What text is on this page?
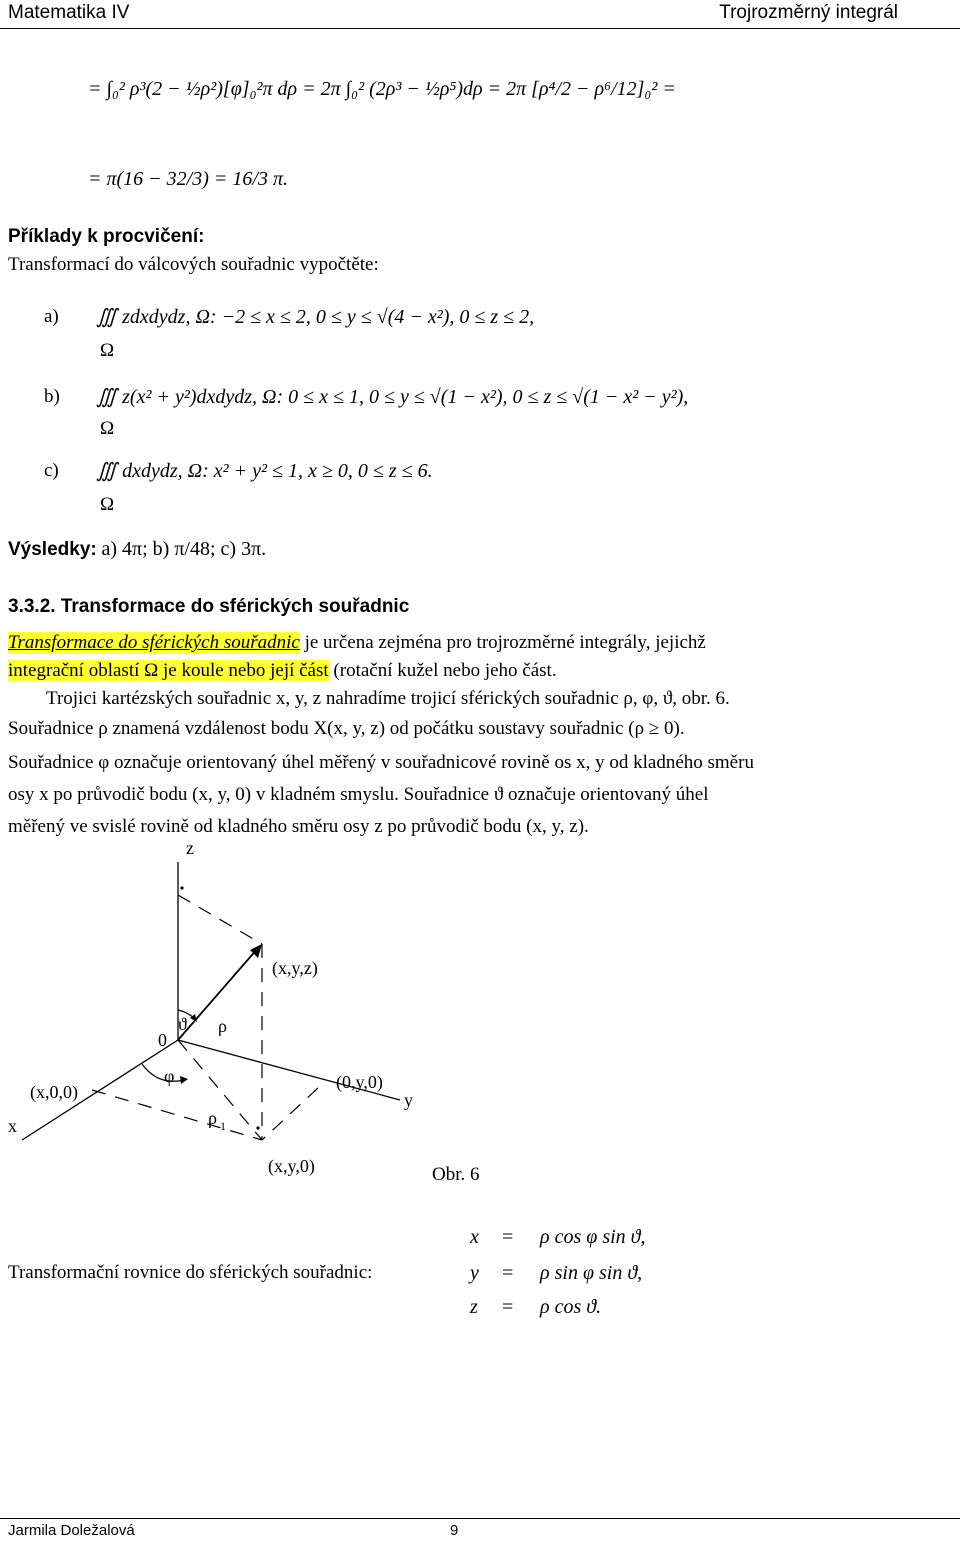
Matematika IV	Trojrozměrný integrál
= ∫₀² ρ³(2 − ½ρ²)[φ]₀²π dρ = 2π ∫₀² (2ρ³ − ½ρ⁵)dρ = 2π [ρ⁴/2 − ρ⁶/12]₀² =
= π(16 − 32/3) = 16/3 π.
Příklady k procvičení:
Transformací do válcových souřadnic vypočtěte:
a) ∭ zdxdydz, Ω: −2 ≤ x ≤ 2, 0 ≤ y ≤ √(4 − x²), 0 ≤ z ≤ 2,
Ω
b) ∭ z(x² + y²)dxdydz, Ω: 0 ≤ x ≤ 1, 0 ≤ y ≤ √(1 − x²), 0 ≤ z ≤ √(1 − x² − y²),
Ω
c) ∭ dxdydz, Ω: x² + y² ≤ 1, x ≥ 0, 0 ≤ z ≤ 6.
Ω
Výsledky: a) 4π; b) π/48; c) 3π.
3.3.2. Transformace do sférických souřadnic
Transformace do sférických souřadnic je určena zejména pro trojrozměrné integrály, jejichž
integrační oblastí Ω je koule nebo její část (rotační kužel nebo jeho část.
Trojici kartézských souřadnic x, y, z nahradíme trojicí sférických souřadnic ρ, φ, ϑ, obr. 6.
Souřadnice ρ znamená vzdálenost bodu X(x, y, z) od počátku soustavy souřadnic (ρ ≥ 0).
Souřadnice φ označuje orientovaný úhel měřený v souřadnicové rovině os x, y od kladného směru
osy x po průvodič bodu (x, y, 0) v kladném smyslu. Souřadnice ϑ označuje orientovaný úhel
měřený ve svislé rovině od kladného směru osy z po průvodič bodu (x, y, z).
z
x
y
0
(x,y,z)
(x,0,0)	(0,y,0)
(x,y,0)
ϑ ρ
φ
ρ 1
Obr. 6
x	= ρ cos φ sin ϑ,
Transformační rovnice do sférických souřadnic:	y	= ρ sin φ sin ϑ,
z	= ρ cos ϑ.
Jarmila Doležalová	9
